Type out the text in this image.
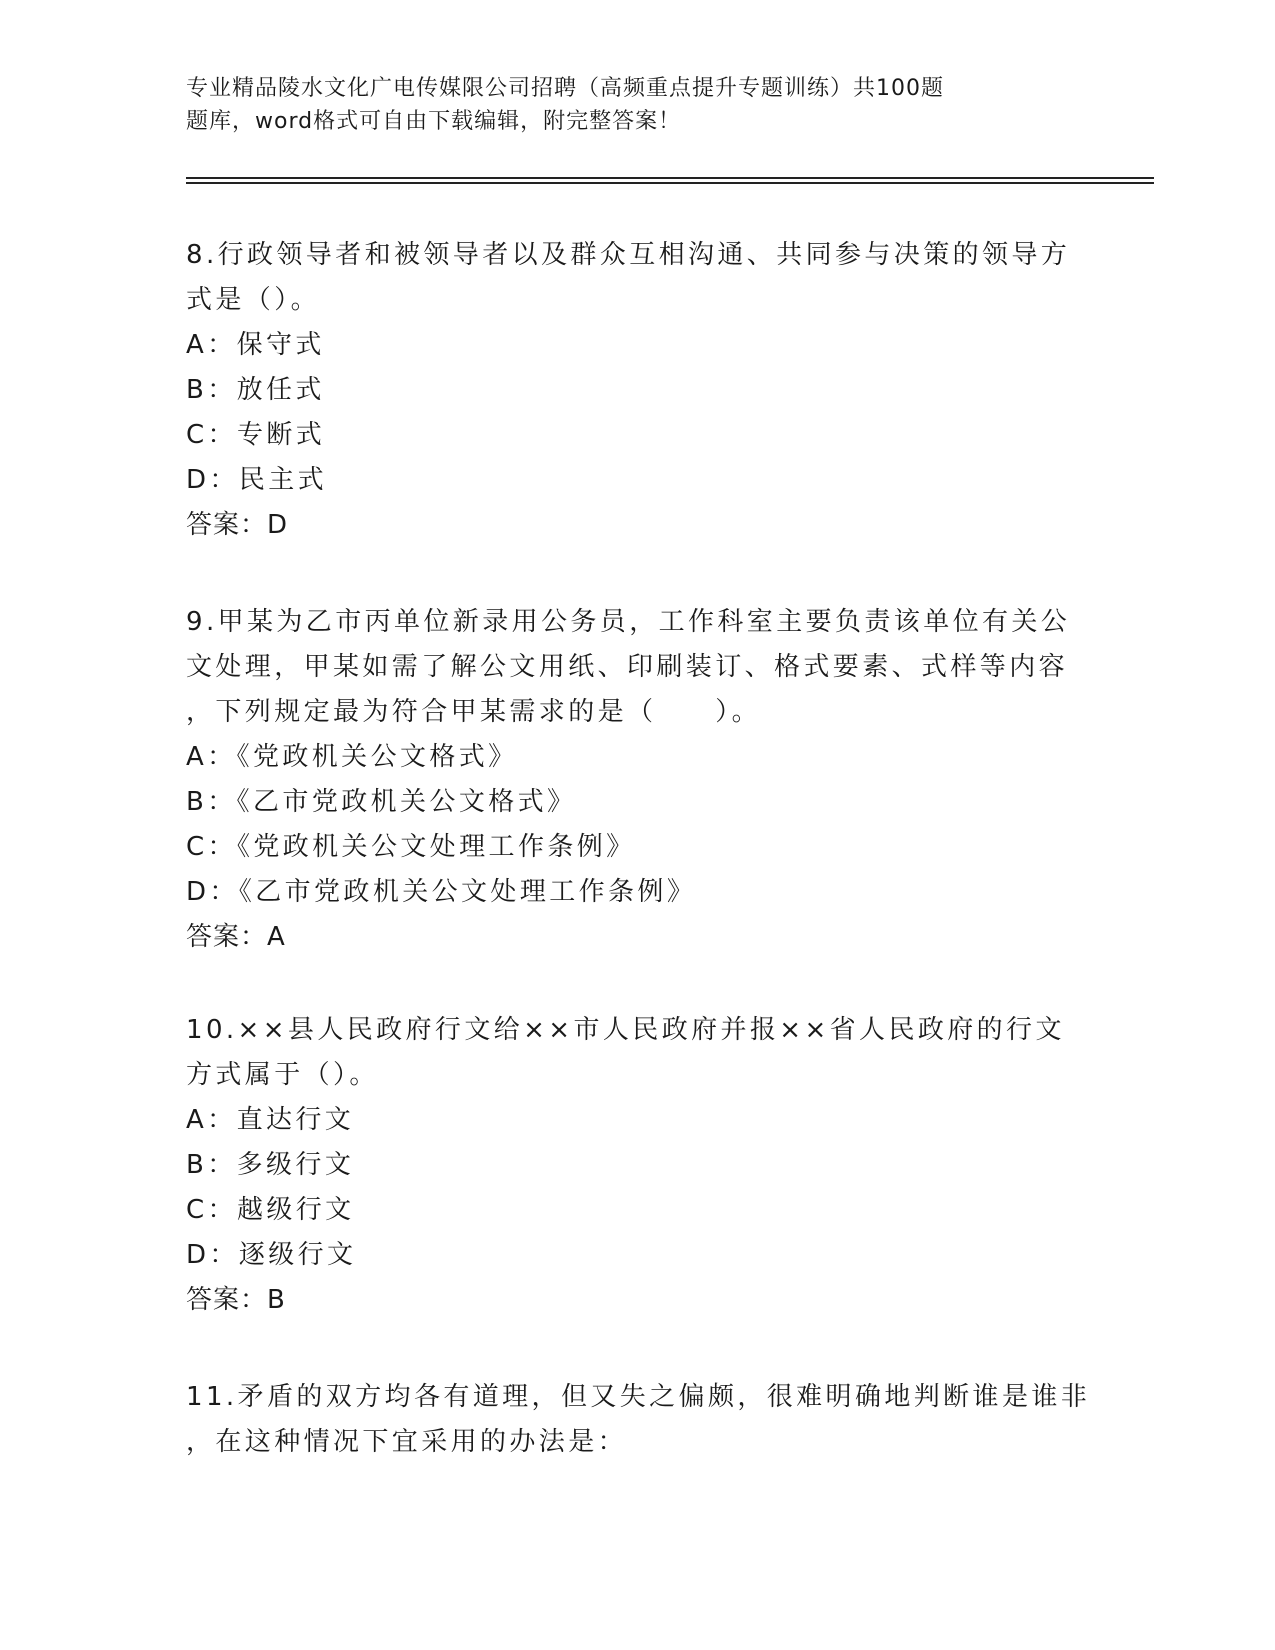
专业精品陵水文化广电传媒限公司招聘（高频重点提升专题训练）共100题
题库，word格式可自由下载编辑，附完整答案！
8.行政领导者和被领导者以及群众互相沟通、共同参与决策的领导方
式是（）。
A：保守式
B：放任式
C：专断式
D：民主式
答案：D
9.甲某为乙市丙单位新录用公务员，工作科室主要负责该单位有关公
文处理，甲某如需了解公文用纸、印刷装订、格式要素、式样等内容
，下列规定最为符合甲某需求的是（　　）。
A：《党政机关公文格式》
B：《乙市党政机关公文格式》
C：《党政机关公文处理工作条例》
D：《乙市党政机关公文处理工作条例》
答案：A
10.××县人民政府行文给××市人民政府并报××省人民政府的行文
方式属于（）。
A：直达行文
B：多级行文
C：越级行文
D：逐级行文
答案：B
11.矛盾的双方均各有道理，但又失之偏颇，很难明确地判断谁是谁非
，在这种情况下宜采用的办法是：
